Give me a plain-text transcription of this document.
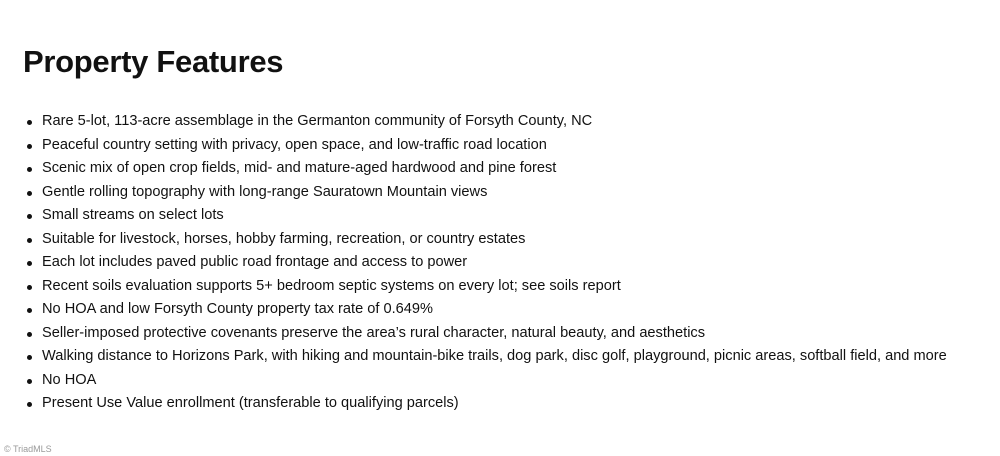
Property Features
Rare 5-lot, 113-acre assemblage in the Germanton community of Forsyth County, NC
Peaceful country setting with privacy, open space, and low-traffic road location
Scenic mix of open crop fields, mid- and mature-aged hardwood and pine forest
Gentle rolling topography with long-range Sauratown Mountain views
Small streams on select lots
Suitable for livestock, horses, hobby farming, recreation, or country estates
Each lot includes paved public road frontage and access to power
Recent soils evaluation supports 5+ bedroom septic systems on every lot; see soils report
No HOA and low Forsyth County property tax rate of 0.649%
Seller-imposed protective covenants preserve the area’s rural character, natural beauty, and aesthetics
Walking distance to Horizons Park, with hiking and mountain-bike trails, dog park, disc golf, playground, picnic areas, softball field, and more
No HOA
Present Use Value enrollment (transferable to qualifying parcels)
© TriadMLS
